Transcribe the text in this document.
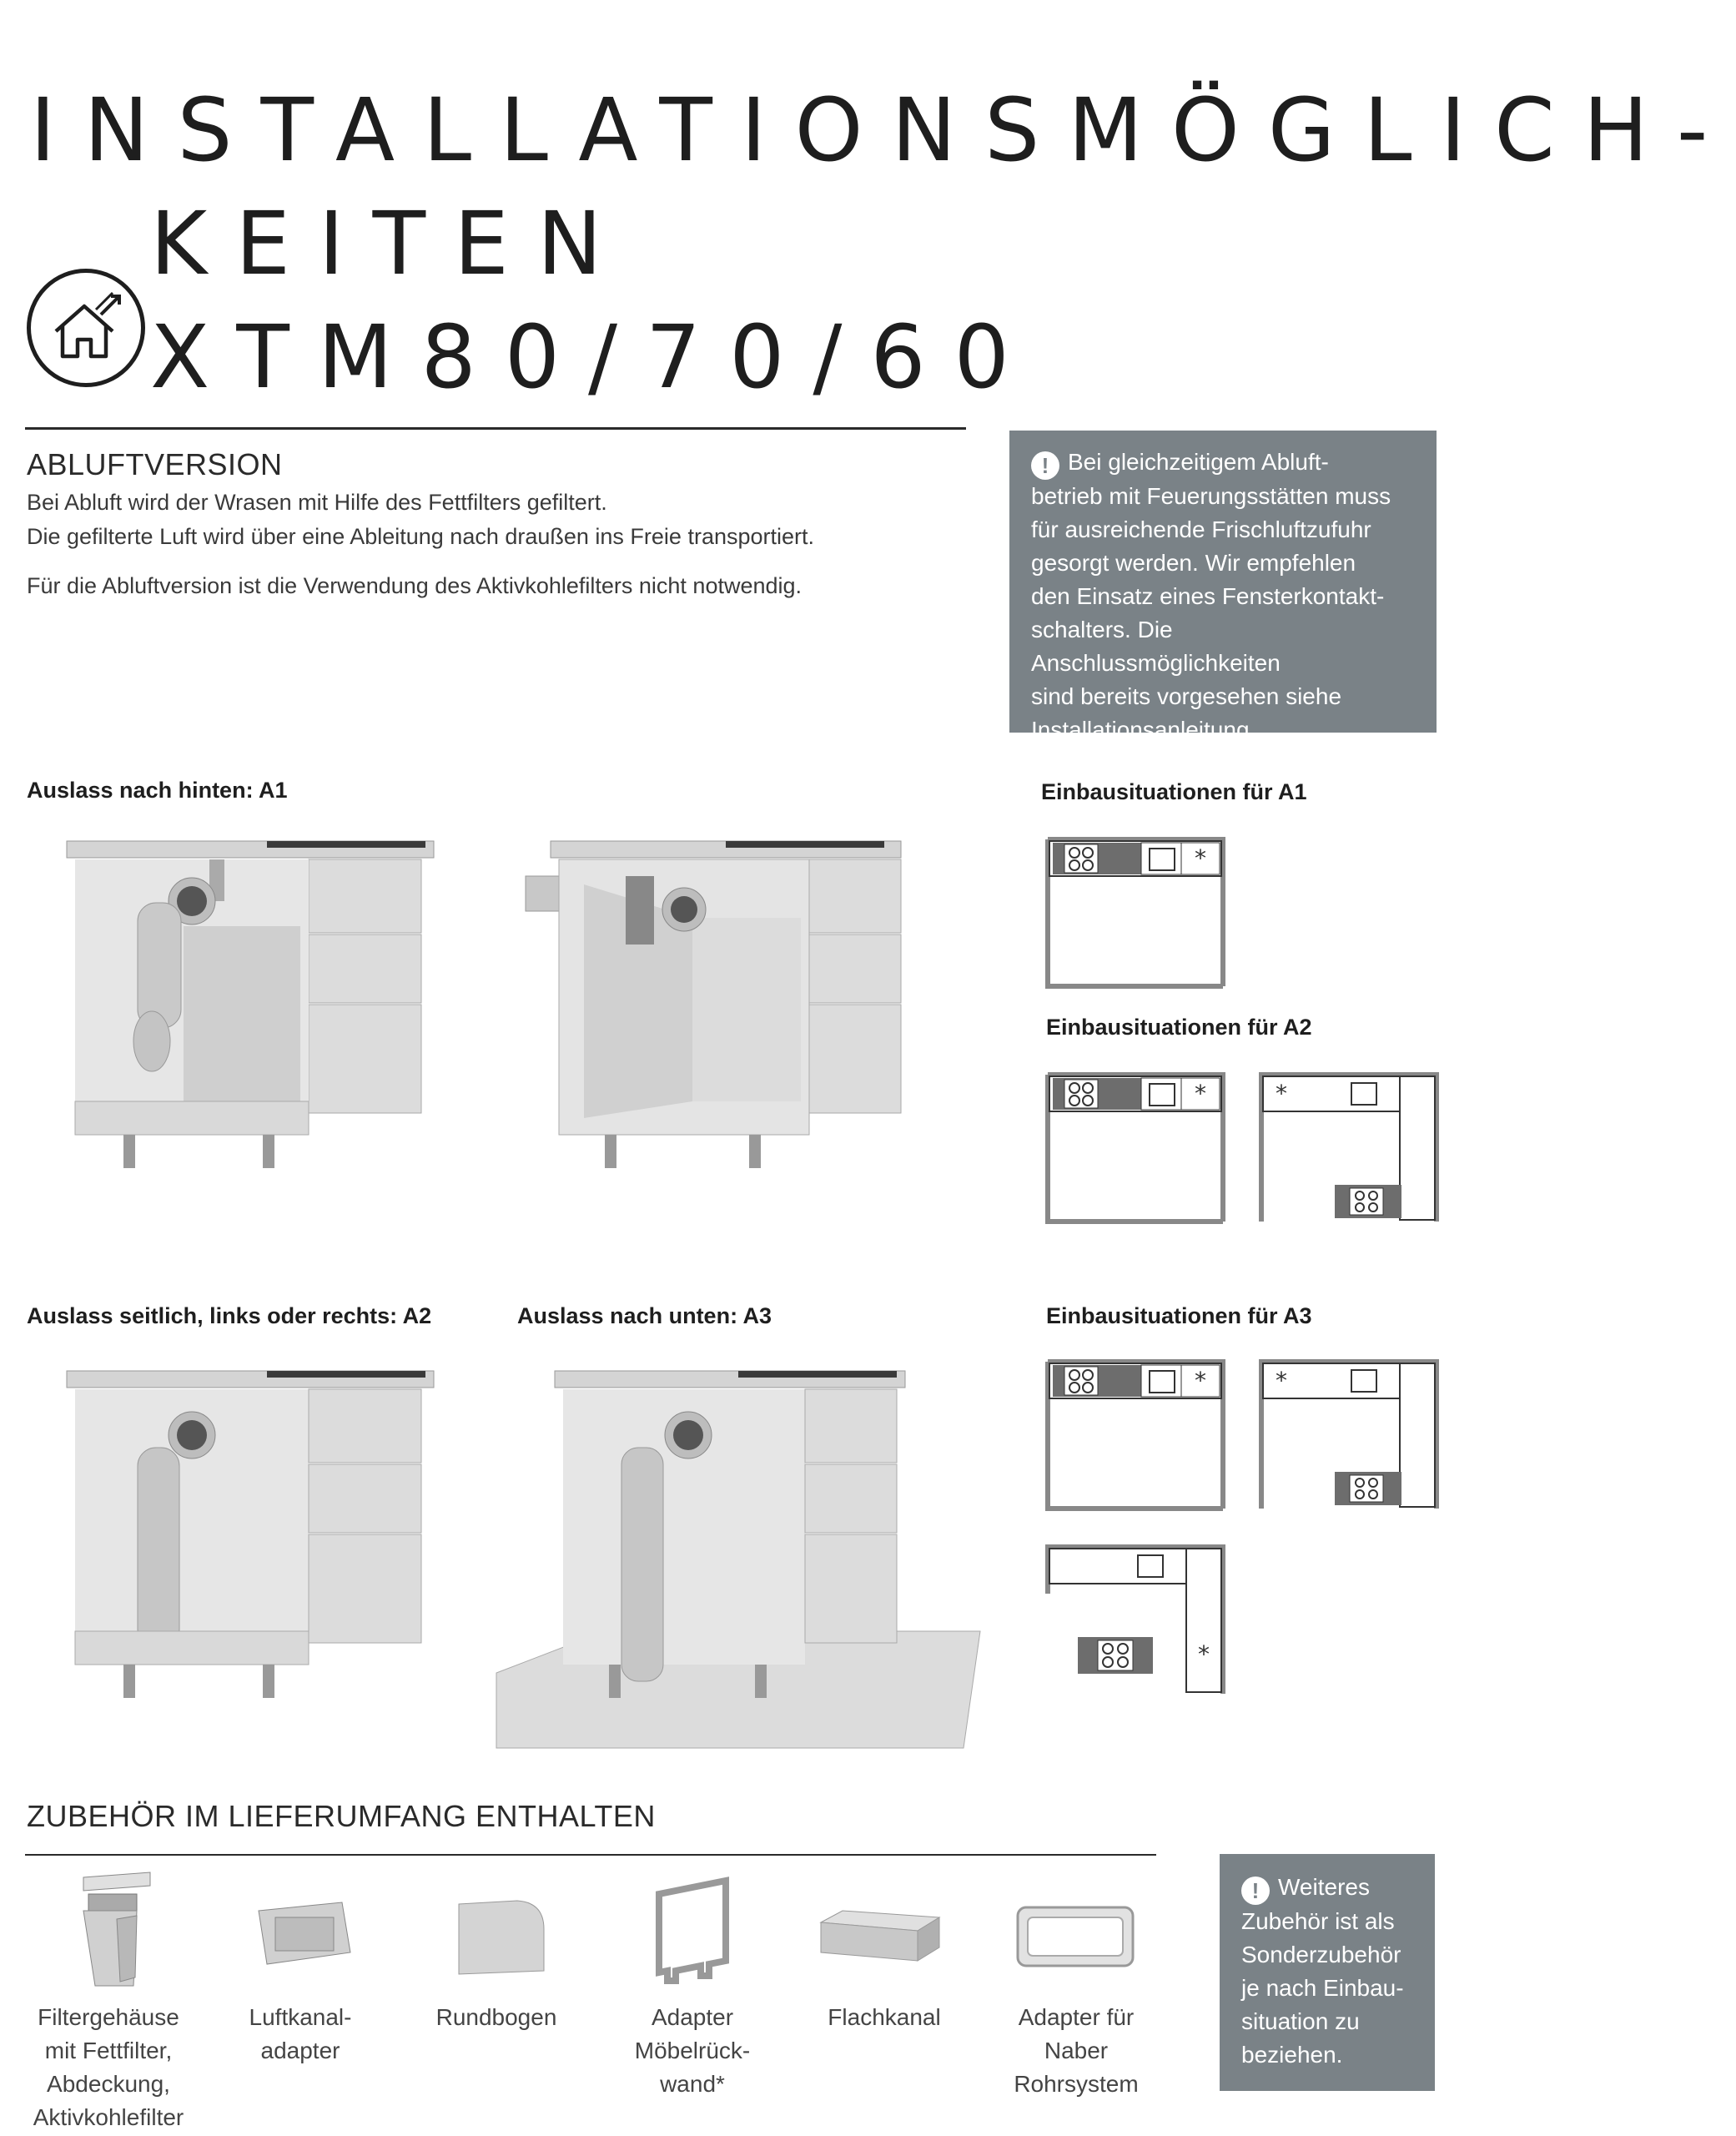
INSTALLATIONSMÖGLICH-
KEITEN XTM80/70/60
ABLUFTVERSION
Bei Abluft wird der Wrasen mit Hilfe des Fettfilters gefiltert.
Die gefilterte Luft wird über eine Ableitung nach draußen ins Freie transportiert.
Für die Abluftversion ist die Verwendung des Aktivkohlefilters nicht notwendig.
! Bei gleichzeitigem Abluft-
betrieb mit Feuerungsstätten muss
für ausreichende Frischluftzufuhr
gesorgt werden. Wir empfehlen
den Einsatz eines Fensterkontakt-
schalters. Die Anschlussmöglichkeiten
sind bereits vorgesehen siehe
Installationsanleitung.
Auslass nach hinten: A1
Auslass seitlich, links oder rechts: A2	Auslass nach unten: A3
Einbausituationen für A1
Einbausituationen für A2
Einbausituationen für A3
*
*	*
*	*
*
ZUBEHÖR IM LIEFERUMFANG ENTHALTEN
Filtergehäuse
mit Fettfilter,
Abdeckung,
Aktivkohlefilter
Luftkanal-
adapter
Rundbogen	Adapter
Möbelrück-
wand*
Flachkanal	Adapter für
Naber
Rohrsystem
! Weiteres
Zubehör ist als
Sonderzubehör
je nach Einbau-
situation zu
beziehen.
